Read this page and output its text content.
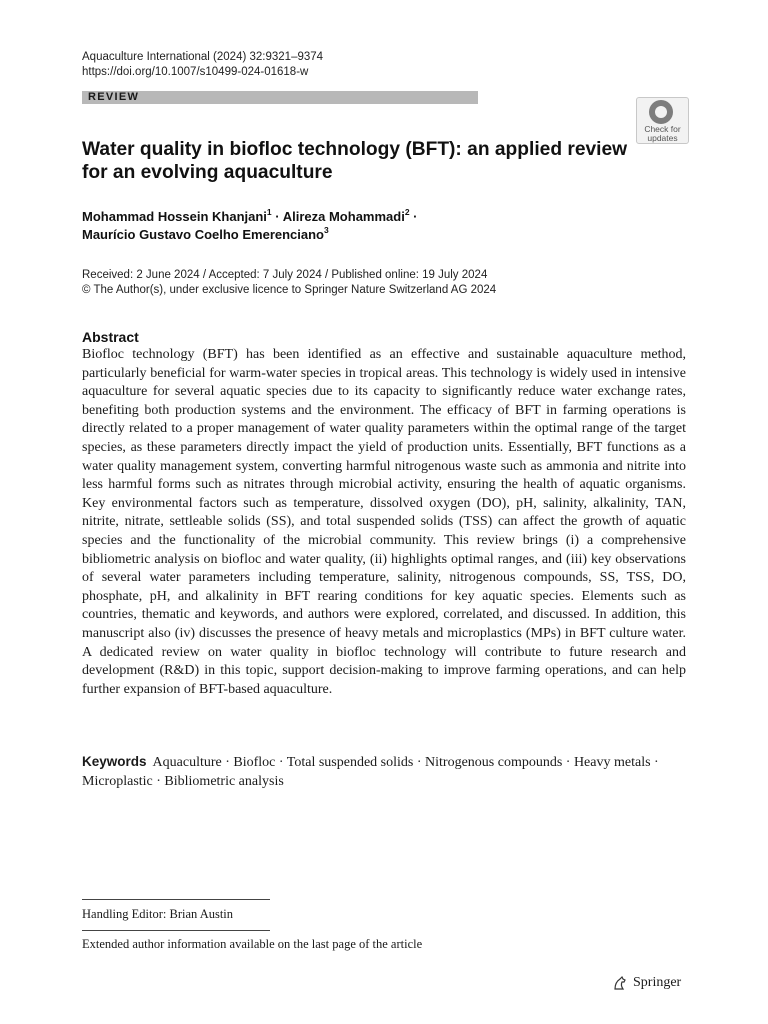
Aquaculture International (2024) 32:9321–9374
https://doi.org/10.1007/s10499-024-01618-w
REVIEW
Check for
updates
Water quality in biofloc technology (BFT): an applied review for an evolving aquaculture
Mohammad Hossein Khanjani$^1$ · Alireza Mohammadi$^2$ ·
Maurício Gustavo Coelho Emerenciano$^3$
Received: 2 June 2024 / Accepted: 7 July 2024 / Published online: 19 July 2024
© The Author(s), under exclusive licence to Springer Nature Switzerland AG 2024
Abstract

Biofloc technology (BFT) has been identified as an effective and sustainable aquaculture method, particularly beneficial for warm-water species in tropical areas. This technology is widely used in intensive aquaculture for several aquatic species due to its capacity to significantly reduce water exchange rates, benefiting both production systems and the environment. The efficacy of BFT in farming operations is directly related to a proper management of water quality parameters within the optimal range of the target species, as these parameters directly impact the yield of production units. Essentially, BFT functions as a water quality management system, converting harmful nitrogenous waste such as ammonia and nitrite into less harmful forms such as nitrates through microbial activity, ensuring the health of aquatic organisms. Key environmental factors such as temperature, dissolved oxygen (DO), pH, salinity, alkalinity, TAN, nitrite, nitrate, settleable solids (SS), and total suspended solids (TSS) can affect the growth of aquatic species and the functionality of the microbial community. This review brings (i) a comprehensive bibliometric analysis on biofloc and water quality, (ii) highlights optimal ranges, and (iii) key observations of several water parameters including temperature, salinity, nitrogenous compounds, SS, TSS, DO, phosphate, pH, and alkalinity in BFT rearing conditions for key aquatic species. Elements such as countries, thematic and keywords, and authors were explored, correlated, and discussed. In addition, this manuscript also (iv) discusses the presence of heavy metals and microplastics (MPs) in BFT culture water. A dedicated review on water quality in biofloc technology will contribute to future research and development (R&D) in this topic, support decision-making to improve farming operations, and can help further expansion of BFT-based aquaculture.

Keywords Aquaculture · Biofloc · Total suspended solids · Nitrogenous compounds · Heavy metals · Microplastic · Bibliometric analysis
Handling Editor: Brian Austin
Extended author information available on the last page of the article
Springer
